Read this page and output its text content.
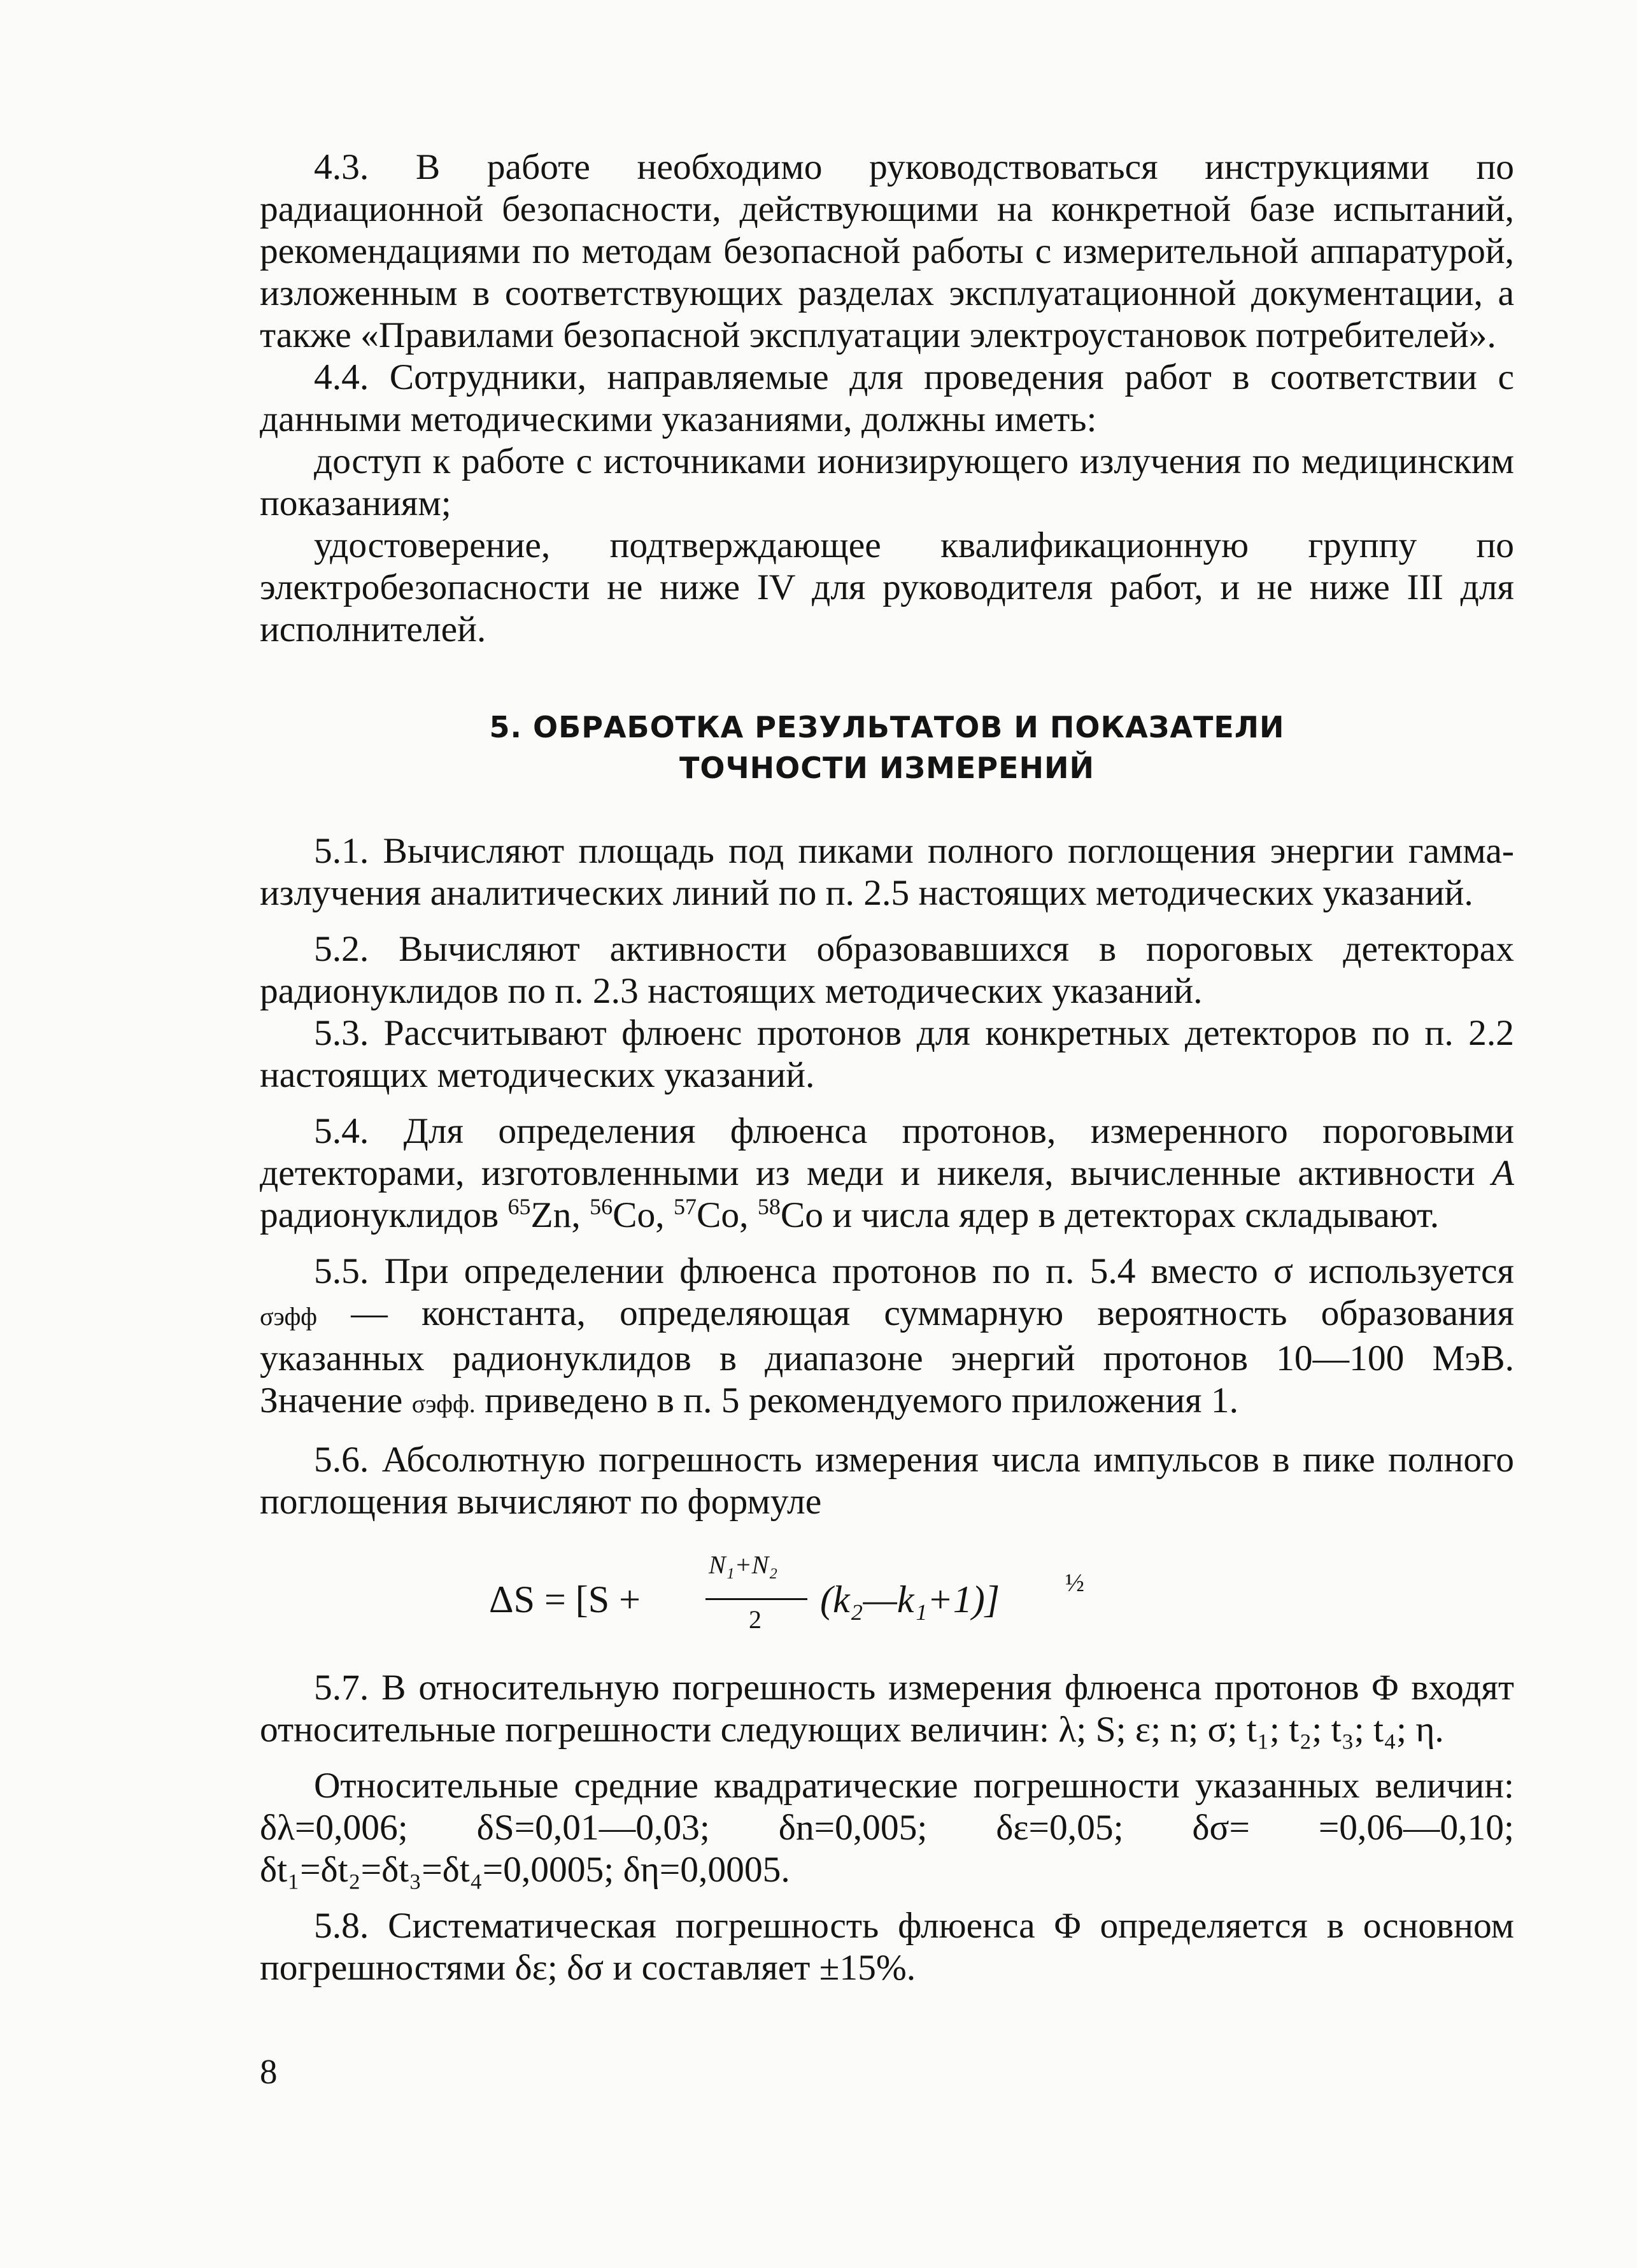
4.3. В работе необходимо руководствоваться инструкциями по радиационной безопасности, действующими на конкретной базе испытаний, рекомендациями по методам безопасной работы с измерительной аппаратурой, изложенным в соответствующих разделах эксплуатационной документации, а также «Правилами безопасной эксплуатации электроустановок потребителей».

4.4. Сотрудники, направляемые для проведения работ в соответствии с данными методическими указаниями, должны иметь:

доступ к работе с источниками ионизирующего излучения по медицинским показаниям;

удостоверение, подтверждающее квалификационную группу по электробезопасности не ниже IV для руководителя работ, и не ниже III для исполнителей.

5. ОБРАБОТКА РЕЗУЛЬТАТОВ И ПОКАЗАТЕЛИ
ТОЧНОСТИ ИЗМЕРЕНИЙ

5.1. Вычисляют площадь под пиками полного поглощения энергии гамма-излучения аналитических линий по п. 2.5 настоящих методических указаний.

5.2. Вычисляют активности образовавшихся в пороговых детекторах радионуклидов по п. 2.3 настоящих методических указаний.

5.3. Рассчитывают флюенс протонов для конкретных детекторов по п. 2.2 настоящих методических указаний.

5.4. Для определения флюенса протонов, измеренного пороговыми детекторами, изготовленными из меди и никеля, вычисленные активности A радионуклидов $^{65}$Zn, $^{56}$Co, $^{57}$Co, $^{58}$Co и числа ядер в детекторах складывают.

5.5. При определении флюенса протонов по п. 5.4 вместо σ используется σэфф — константа, определяющая суммарную вероятность образования указанных радионуклидов в диапазоне энергий протонов 10—100 МэВ. Значение σэфф. приведено в п. 5 рекомендуемого приложения 1.

5.6. Абсолютную погрешность измерения числа импульсов в пике полного поглощения вычисляют по формуле

ΔS = [S +
N₁+N₂
2 (k₂—k₁+1)]	½

5.7. В относительную погрешность измерения флюенса протонов Φ входят относительные погрешности следующих величин: λ; S; ε; n; σ; t₁; t₂; t₃; t₄; η.

Относительные средние квадратические погрешности указанных величин: δλ=0,006; δS=0,01—0,03; δn=0,005; δε=0,05; δσ= =0,06—0,10; δt₁=δt₂=δt₃=δt₄=0,0005; δη=0,0005.

5.8. Систематическая погрешность флюенса Φ определяется в основном погрешностями δε; δσ и составляет ±15%.

8
